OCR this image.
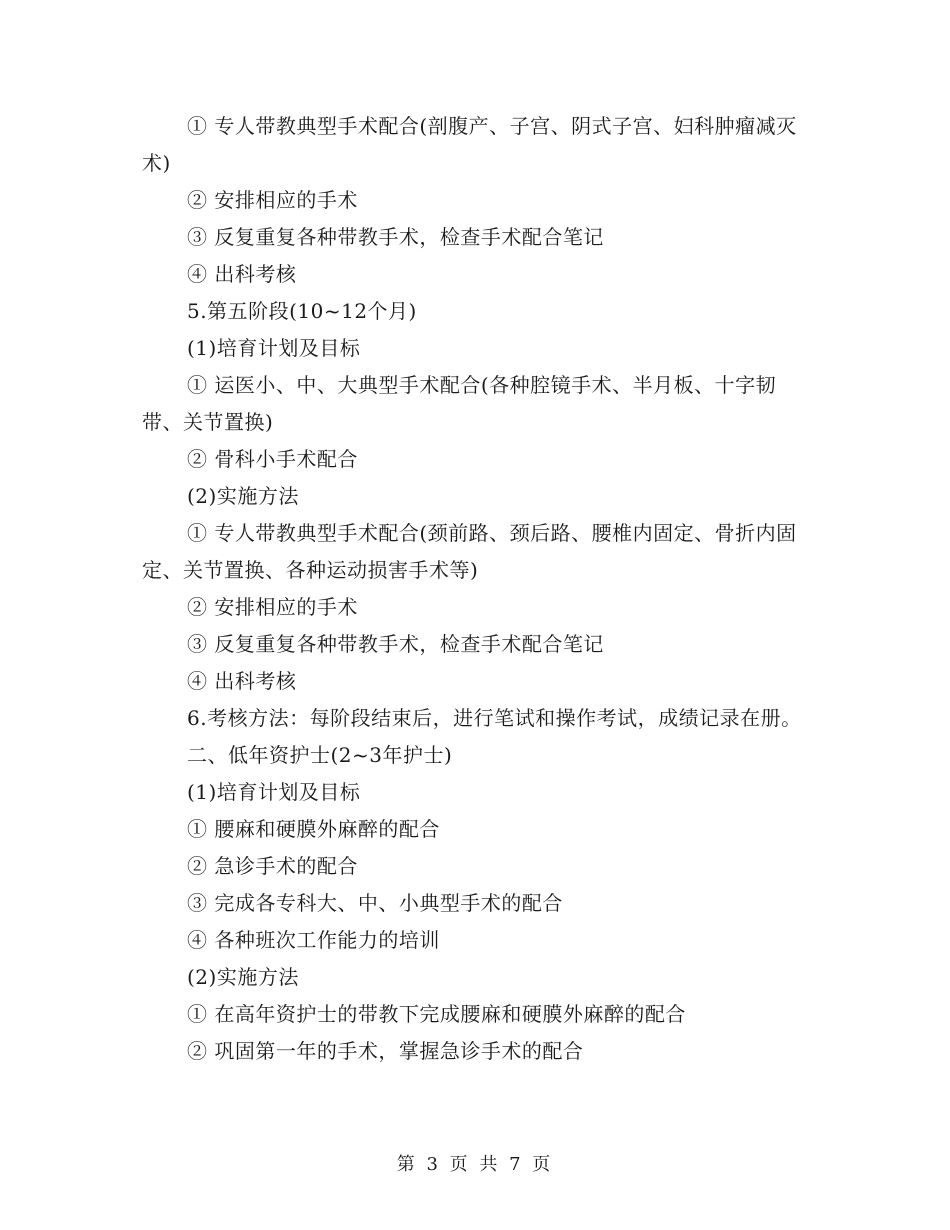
① 专人带教典型手术配合(剖腹产、子宫、阴式子宫、妇科肿瘤减灭术)

② 安排相应的手术

③ 反复重复各种带教手术，检查手术配合笔记

④ 出科考核

5.第五阶段(10~12个月)

(1)培育计划及目标

① 运医小、中、大典型手术配合(各种腔镜手术、半月板、十字韧带、关节置换)

② 骨科小手术配合

(2)实施方法

① 专人带教典型手术配合(颈前路、颈后路、腰椎内固定、骨折内固定、关节置换、各种运动损害手术等)

② 安排相应的手术

③ 反复重复各种带教手术，检查手术配合笔记

④ 出科考核

6.考核方法：每阶段结束后，进行笔试和操作考试，成绩记录在册。

二、低年资护士(2~3年护士)

(1)培育计划及目标

① 腰麻和硬膜外麻醉的配合

② 急诊手术的配合

③ 完成各专科大、中、小典型手术的配合

④ 各种班次工作能力的培训

(2)实施方法

① 在高年资护士的带教下完成腰麻和硬膜外麻醉的配合

② 巩固第一年的手术，掌握急诊手术的配合

第 3 页 共 7 页
